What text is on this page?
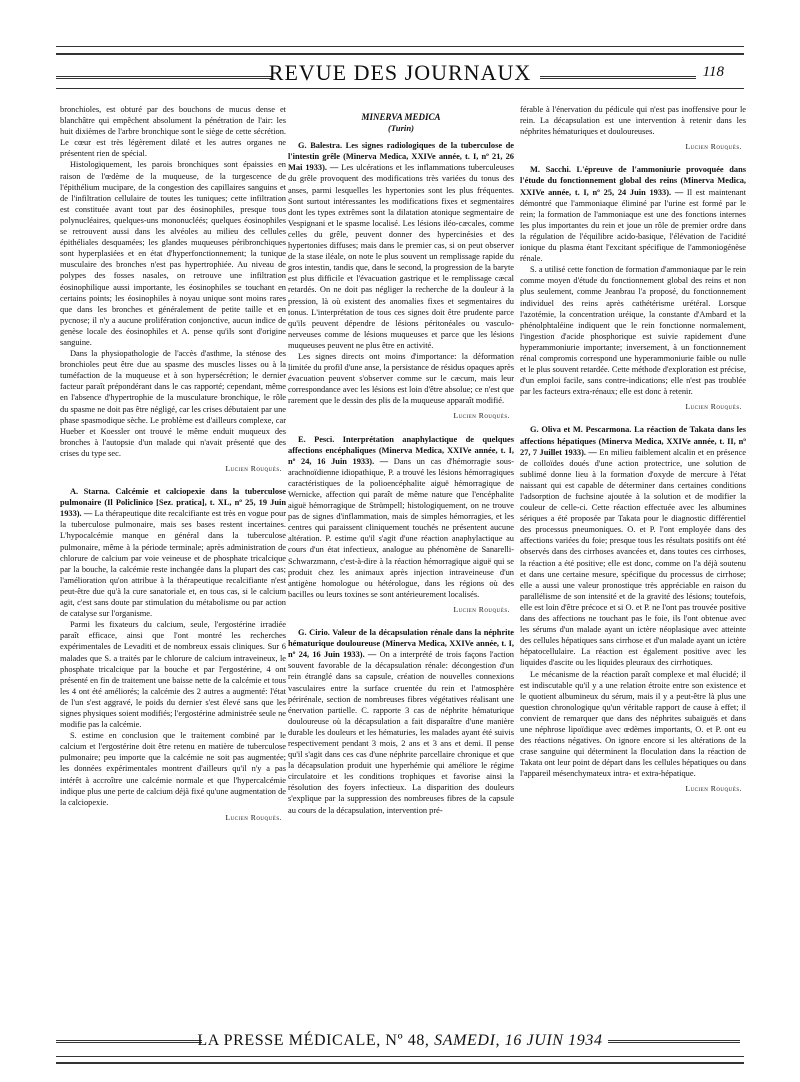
REVUE DES JOURNAUX	118

bronchioles, est obturé par des bouchons de mucus dense et blanchâtre qui empêchent absolument la pénétration de l'air: les huit dixièmes de l'arbre bronchique sont le siège de cette sécrétion. Le cœur est très légèrement dilaté et les autres organes ne présentent rien de spécial.

Histologiquement, les parois bronchiques sont épaissies en raison de l'œdème de la muqueuse, de la turgescence de l'épithélium mucipare, de la congestion des capillaires sanguins et de l'infiltration cellulaire de toutes les tuniques; cette infiltration est constituée avant tout par des éosinophiles, presque tous polynucléaires, quelques-uns mononucléés; quelques éosinophiles se retrouvent aussi dans les alvéoles au milieu des cellules épithéliales desquamées; les glandes muqueuses péribronchiques sont hyperplasiées et en état d'hyperfonctionnement; la tunique musculaire des bronches n'est pas hypertrophiée. Au niveau de polypes des fosses nasales, on retrouve une infiltration éosinophilique aussi importante, les éosinophiles se touchant en certains points; les éosinophiles à noyau unique sont moins rares que dans les bronches et généralement de petite taille et en pycnose; il n'y a aucune prolifération conjonctive, aucun indice de genèse locale des éosinophiles et A. pense qu'ils sont d'origine sanguine.

Dans la physiopathologie de l'accès d'asthme, la sténose des bronchioles peut être due au spasme des muscles lisses ou à la tuméfaction de la muqueuse et à son hypersécrétion; le dernier facteur paraît prépondérant dans le cas rapporté; cependant, même en l'absence d'hypertrophie de la musculature bronchique, le rôle du spasme ne doit pas être négligé, car les crises débutaient par une phase spasmodique sèche. Le problème est d'ailleurs complexe, car Hueber et Koessler ont trouvé le même enduit muqueux des bronches à l'autopsie d'un malade qui n'avait présenté que des crises du type sec.

Lucien Rouquès.

A. Starna. Calcémie et calciopexie dans la tuberculose pulmonaire (Il Policlinico [Sez. pratica], t. XL, nº 25, 19 Juin 1933). — La thérapeutique dite recalcifiante est très en vogue pour la tuberculose pulmonaire, mais ses bases restent incertaines. L'hypocalcémie manque en général dans la tuberculose pulmonaire, même à la période terminale; après administration de chlorure de calcium par voie veineuse et de phosphate tricalcique par la bouche, la calcémie reste inchangée dans la plupart des cas; l'amélioration qu'on attribue à la thérapeutique recalcifiante n'est peut-être due qu'à la cure sanatoriale et, en tous cas, si le calcium agit, c'est sans doute par stimulation du métabolisme ou par action de catalyse sur l'organisme.

Parmi les fixateurs du calcium, seule, l'ergostérine irradiée paraît efficace, ainsi que l'ont montré les recherches expérimentales de Levaditi et de nombreux essais cliniques. Sur 6 malades que S. a traités par le chlorure de calcium intraveineux, le phosphate tricalcique par la bouche et par l'ergostérine, 4 ont présenté en fin de traitement une baisse nette de la calcémie et tous les 4 ont été améliorés; la calcémie des 2 autres a augmenté: l'état de l'un s'est aggravé, le poids du dernier s'est élevé sans que les signes physiques soient modifiés; l'ergostérine administrée seule ne modifie pas la calcémie.

S. estime en conclusion que le traitement combiné par le calcium et l'ergostérine doit être retenu en matière de tuberculose pulmonaire; peu importe que la calcémie ne soit pas augmentée; les données expérimentales montrent d'ailleurs qu'il n'y a pas intérêt à accroître une calcémie normale et que l'hypercalcémie indique plus une perte de calcium déjà fixé qu'une augmentation de la calciopexie.

Lucien Rouquès.
MINERVA MEDICA
(Turin)

G. Balestra. Les signes radiologiques de la tuberculose de l'intestin grêle (Minerva Medica, XXIVe année, t. I, nº 21, 26 Mai 1933). — Les ulcérations et les inflammations tuberculeuses du grêle provoquent des modifications très variées du tonus des anses, parmi lesquelles les hypertonies sont les plus fréquentes. Sont surtout intéressantes les modifications fixes et segmentaires dont les types extrêmes sont la dilatation atonique segmentaire de Vespignani et le spasme localisé. Les lésions iléo-cæcales, comme celles du grêle, peuvent donner des hypercinésies et des hypertonies diffuses; mais dans le premier cas, si on peut observer de la stase iléale, on note le plus souvent un remplissage rapide du gros intestin, tandis que, dans le second, la progression de la baryte est plus difficile et l'évacuation gastrique et le remplissage cæcal retardés. On ne doit pas négliger la recherche de la douleur à la pression, là où existent des anomalies fixes et segmentaires du tonus. L'interprétation de tous ces signes doit être prudente parce qu'ils peuvent dépendre de lésions péritonéales ou vasculo-nerveuses comme de lésions muqueuses et parce que les lésions muqueuses peuvent ne plus être en activité.

Les signes directs ont moins d'importance: la déformation limitée du profil d'une anse, la persistance de résidus opaques après évacuation peuvent s'observer comme sur le cæcum, mais leur correspondance avec les lésions est loin d'être absolue; ce n'est que rarement que le dessin des plis de la muqueuse apparaît modifié.

Lucien Rouquès.

E. Pesci. Interprétation anaphylactique de quelques affections encéphaliques (Minerva Medica, XXIVe année, t. I, nº 24, 16 Juin 1933). — Dans un cas d'hémorragie sous-arachnoïdienne idiopathique, P. a trouvé les lésions hémorragiques caractéristiques de la polioencéphalite aiguë hémorragique de Wernicke, affection qui paraît de même nature que l'encéphalite aiguë hémorragique de Strümpell; histologiquement, on ne trouve pas de signes d'inflammation, mais de simples hémorragies, et les centres qui paraissent cliniquement touchés ne présentent aucune altération. P. estime qu'il s'agit d'une réaction anaphylactique au cours d'un état infectieux, analogue au phénomène de Sanarelli-Schwarzmann, c'est-à-dire à la réaction hémorragique aiguë qui se produit chez les animaux après injection intraveineuse d'un antigène homologue ou hétérologue, dans les régions où des bacilles ou leurs toxines se sont antérieurement localisés.

Lucien Rouquès.

G. Cirio. Valeur de la décapsulation rénale dans la néphrite hématurique douloureuse (Minerva Medica, XXIVe année, t. I, nº 24, 16 Juin 1933). — On a interprété de trois façons l'action souvent favorable de la décapsulation rénale: décongestion d'un rein étranglé dans sa capsule, création de nouvelles connexions vasculaires entre la surface cruentée du rein et l'atmosphère périrénale, section de nombreuses fibres végétatives réalisant une énervation partielle. C. rapporte 3 cas de néphrite hématurique douloureuse où la décapsulation a fait disparaître d'une manière durable les douleurs et les hématuries, les malades ayant été suivis respectivement pendant 3 mois, 2 ans et 3 ans et demi. Il pense qu'il s'agit dans ces cas d'une néphrite parcellaire chronique et que la décapsulation produit une hyperhémie qui améliore le régime circulatoire et les conditions trophiques et favorise ainsi la résolution des foyers infectieux. La disparition des douleurs s'explique par la suppression des nombreuses fibres de la capsule au cours de la décapsulation, intervention pré-

férable à l'énervation du pédicule qui n'est pas inoffensive pour le rein. La décapsulation est une intervention à retenir dans les néphrites hématuriques et douloureuses.

Lucien Rouquès.

M. Sacchi. L'épreuve de l'ammoniurie provoquée dans l'étude du fonctionnement global des reins (Minerva Medica, XXIVe année, t. I, nº 25, 24 Juin 1933). — Il est maintenant démontré que l'ammoniaque éliminé par l'urine est formé par le rein; la formation de l'ammoniaque est une des fonctions internes les plus importantes du rein et joue un rôle de premier ordre dans la régulation de l'équilibre acido-basique, l'élévation de l'acidité ionique du plasma étant l'excitant spécifique de l'ammoniogénèse rénale.

S. a utilisé cette fonction de formation d'ammoniaque par le rein comme moyen d'étude du fonctionnement global des reins et non plus seulement, comme Jeanbrau l'a proposé, du fonctionnement individuel des reins après cathétérisme urétéral. Lorsque l'azotémie, la concentration uréique, la constante d'Ambard et la phénolphtaléine indiquent que le rein fonctionne normalement, l'ingestion d'acide phosphorique est suivie rapidement d'une hyperammoniurie importante; inversement, à un fonctionnement rénal compromis correspond une hyperammoniurie faible ou nulle et le plus souvent retardée. Cette méthode d'exploration est précise, d'un emploi facile, sans contre-indications; elle n'est pas troublée par les facteurs extra-rénaux; elle est donc à retenir.

Lucien Rouquès.

G. Oliva et M. Pescarmona. La réaction de Takata dans les affections hépatiques (Minerva Medica, XXIVe année, t. II, nº 27, 7 Juillet 1933). — En milieu faiblement alcalin et en présence de colloïdes doués d'une action protectrice, une solution de sublimé donne lieu à la formation d'oxyde de mercure à l'état naissant qui est capable de déterminer dans certaines conditions l'adsorption de fuchsine ajoutée à la solution et de modifier la couleur de celle-ci. Cette réaction effectuée avec les albumines sériques a été proposée par Takata pour le diagnostic différentiel des processus pneumoniques. O. et P. l'ont employée dans des affections variées du foie; presque tous les résultats positifs ont été observés dans des cirrhoses avancées et, dans toutes ces cirrhoses, la réaction a été positive; elle est donc, comme on l'a déjà soutenu et dans une certaine mesure, spécifique du processus de cirrhose; elle a aussi une valeur pronostique très appréciable en raison du parallélisme de son intensité et de la gravité des lésions; toutefois, elle est loin d'être précoce et si O. et P. ne l'ont pas trouvée positive dans des affections ne touchant pas le foie, ils l'ont obtenue avec les sérums d'un malade ayant un ictère néoplasique avec atteinte des cellules hépatiques sans cirrhose et d'un malade ayant un ictère hépatocellulaire. La réaction est également positive avec les liquides d'ascite ou les liquides pleuraux des cirrhotiques.

Le mécanisme de la réaction paraît complexe et mal élucidé; il est indiscutable qu'il y a une relation étroite entre son existence et le quotient albumineux du sérum, mais il y a peut-être là plus une question chronologique qu'un véritable rapport de cause à effet; il convient de remarquer que dans des néphrites subaiguës et dans une néphrose lipoïdique avec œdèmes importants, O. et P. ont eu des réactions négatives. On ignore encore si les altérations de la crase sanguine qui déterminent la floculation dans la réaction de Takata ont leur point de départ dans les cellules hépatiques ou dans l'appareil mésenchymateux intra- et extra-hépatique.

Lucien Rouquès.
LA PRESSE MÉDICALE, Nº 48, SAMEDI, 16 JUIN 1934
